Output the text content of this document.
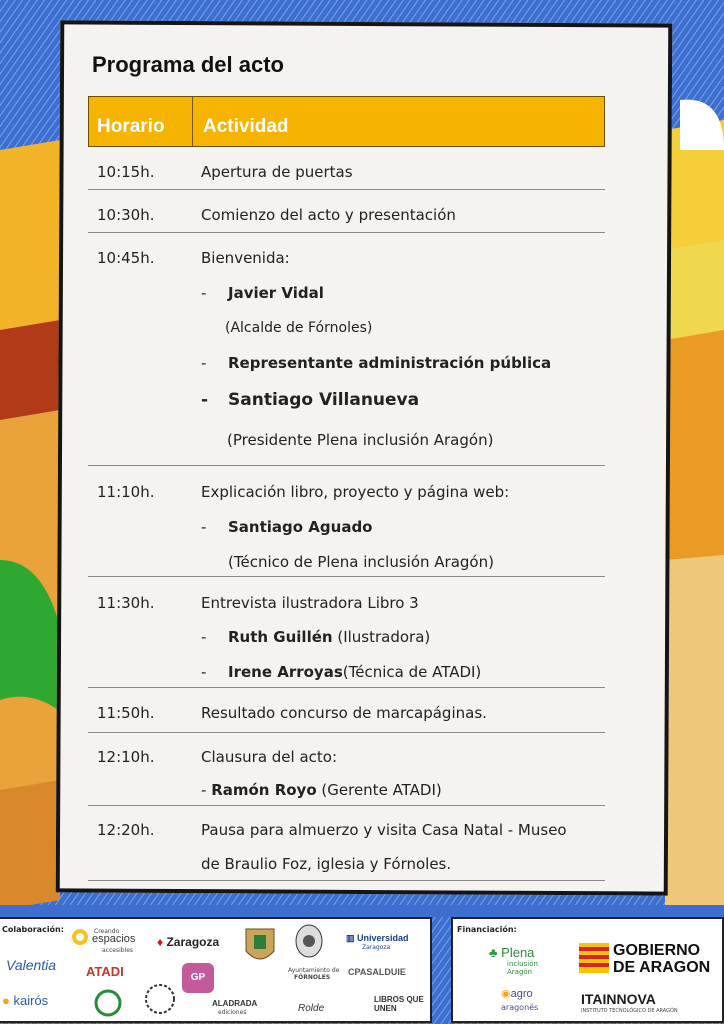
Programa del acto
Horario	Actividad
10:15h.	Apertura de puertas
10:30h.	Comienzo del acto y presentación
10:45h.	Bienvenida:
- Javier Vidal
(Alcalde de Fórnoles)
- Representante administración pública
- Santiago Villanueva
(Presidente Plena inclusión Aragón)
11:10h.	Explicación libro, proyecto y página web:
- Santiago Aguado
(Técnico de Plena inclusión Aragón)
11:30h.	Entrevista ilustradora Libro 3
- Ruth Guillén (Ilustradora)
- Irene Arroyas(Técnica de ATADI)
11:50h.	Resultado concurso de marcapáginas.
12:10h.	Clausura del acto:
- Ramón Royo (Gerente ATADI)
12:20h.	Pausa para almuerzo y visita Casa Natal - Museo
de Braulio Foz, iglesia y Fórnoles.
Colaboración:	Creando
espacios
accesibles
♦ Zaragoza
Ayuntamiento de
FÓRNOLES
▥ Universidad
Zaragoza
Valentia ATADI	GP	CPASALDUIE
● kairós	ALADRADA
ediciones	Rolde
LIBROS QUE UNEN
Financiación:
♣ Plena
inclusión
Aragón
GOBIERNO
DE ARAGON
◉agro
aragonés
ITAINNOVA
INSTITUTO TECNOLÓGICO DE ARAGÓN
